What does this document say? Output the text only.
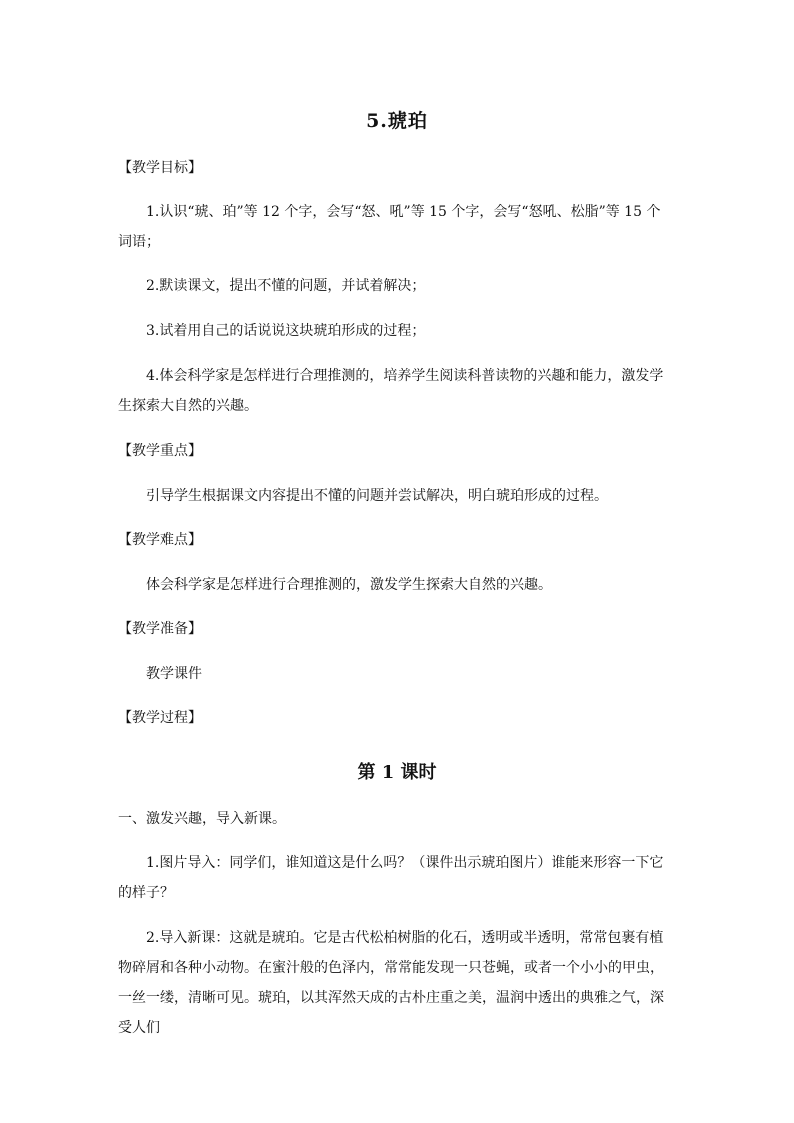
5.琥珀
【教学目标】
1.认识“琥、珀”等 12 个字，会写“怒、吼”等 15 个字，会写“怒吼、松脂”等 15 个词语；
2.默读课文，提出不懂的问题，并试着解决；
3.试着用自己的话说说这块琥珀形成的过程；
4.体会科学家是怎样进行合理推测的，培养学生阅读科普读物的兴趣和能力，激发学生探索大自然的兴趣。
【教学重点】
引导学生根据课文内容提出不懂的问题并尝试解决，明白琥珀形成的过程。
【教学难点】
体会科学家是怎样进行合理推测的，激发学生探索大自然的兴趣。
【教学准备】
教学课件
【教学过程】
第 1 课时
一、激发兴趣，导入新课。
1.图片导入：同学们，谁知道这是什么吗？（课件出示琥珀图片）谁能来形容一下它的样子？
2.导入新课：这就是琥珀。它是古代松柏树脂的化石，透明或半透明，常常包裹有植物碎屑和各种小动物。在蜜汁般的色泽内，常常能发现一只苍蝇，或者一个小小的甲虫，一丝一缕，清晰可见。琥珀，以其浑然天成的古朴庄重之美，温润中透出的典雅之气，深受人们
